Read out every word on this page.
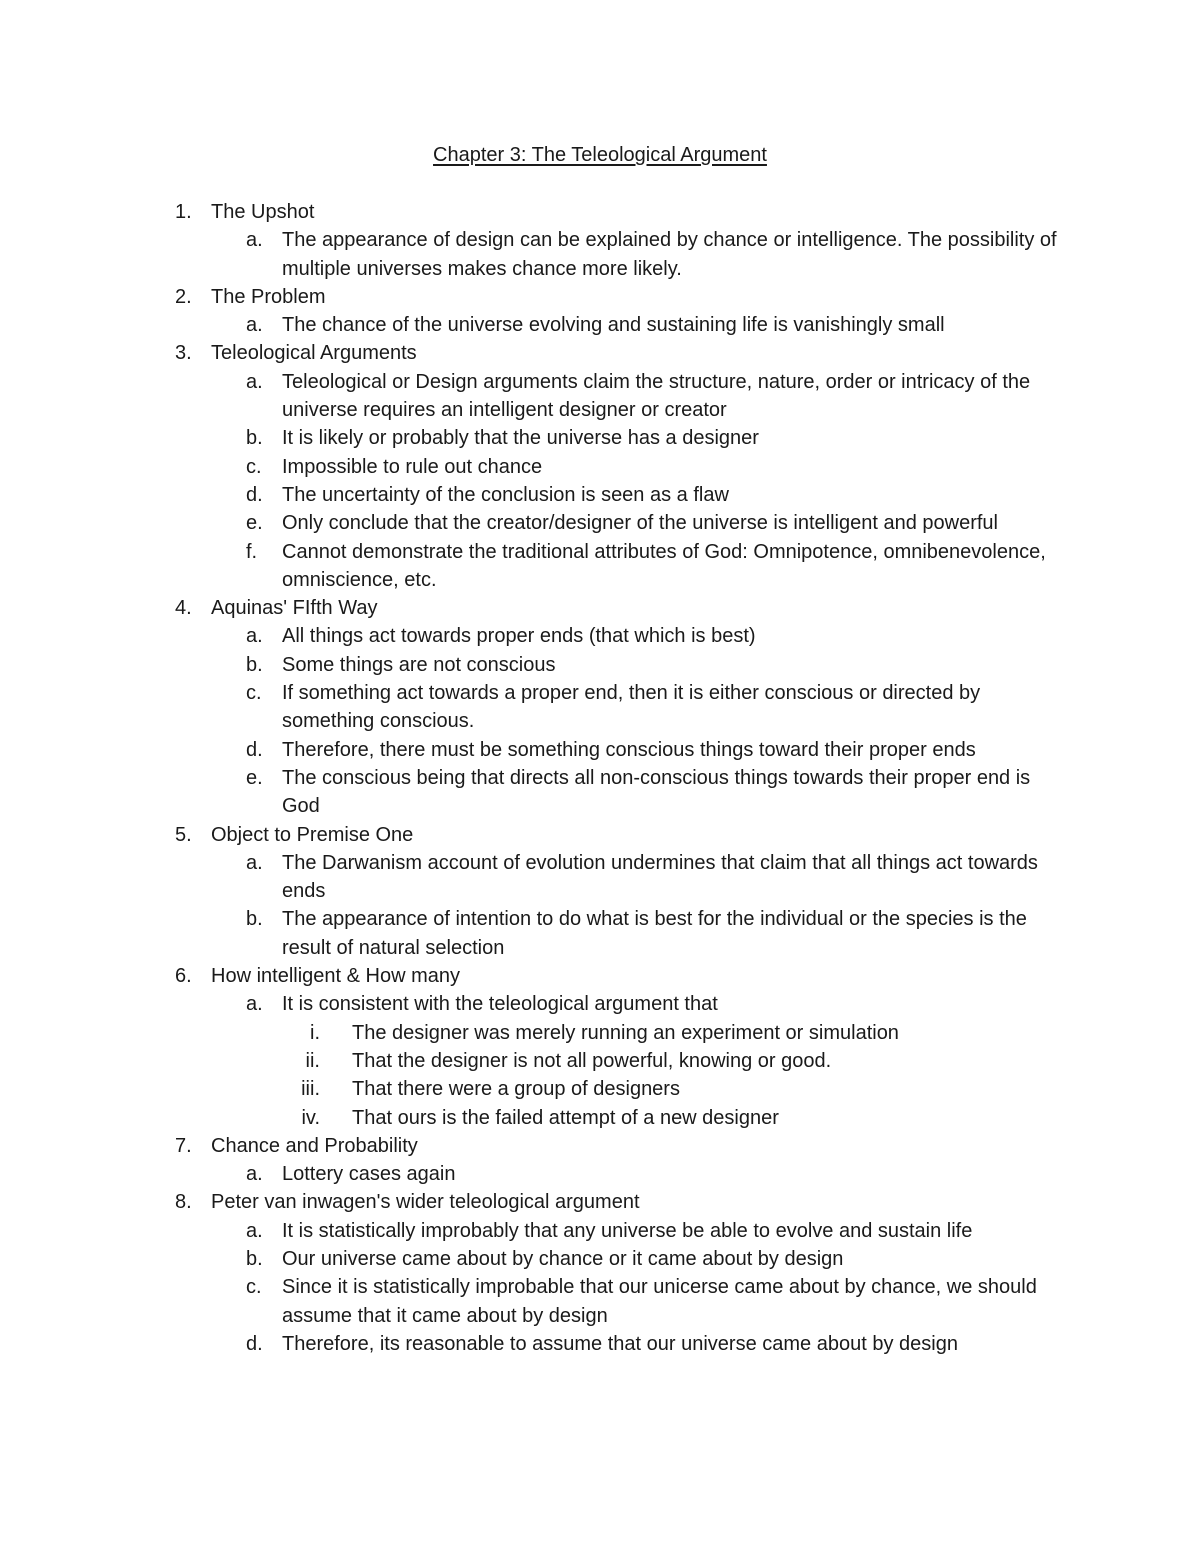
Chapter 3: The Teleological Argument
1. The Upshot
a. The appearance of design can be explained by chance or intelligence. The possibility of multiple universes makes chance more likely.
2. The Problem
a. The chance of the universe evolving and sustaining life is vanishingly small
3. Teleological Arguments
a. Teleological or Design arguments claim the structure, nature, order or intricacy of the universe requires an intelligent designer or creator
b. It is likely or probably that the universe has a designer
c. Impossible to rule out chance
d. The uncertainty of the conclusion is seen as a flaw
e. Only conclude that the creator/designer of the universe is intelligent and powerful
f. Cannot demonstrate the traditional attributes of God: Omnipotence, omnibenevolence, omniscience, etc.
4. Aquinas' FIfth Way
a. All things act towards proper ends (that which is best)
b. Some things are not conscious
c. If something act towards a proper end, then it is either conscious or directed by something conscious.
d. Therefore, there must be something conscious things toward their proper ends
e. The conscious being that directs all non-conscious things towards their proper end is God
5. Object to Premise One
a. The Darwanism account of evolution undermines that claim that all things act towards ends
b. The appearance of intention to do what is best for the individual or the species is the result of natural selection
6. How intelligent & How many
a. It is consistent with the teleological argument that
i. The designer was merely running an experiment or simulation
ii. That the designer is not all powerful, knowing or good.
iii. That there were a group of designers
iv. That ours is the failed attempt of a new designer
7. Chance and Probability
a. Lottery cases again
8. Peter van inwagen's wider teleological argument
a. It is statistically improbably that any universe be able to evolve and sustain life
b. Our universe came about by chance or it came about by design
c. Since it is statistically improbable that our unicerse came about by chance, we should assume that it came about by design
d. Therefore, its reasonable to assume that our universe came about by design
